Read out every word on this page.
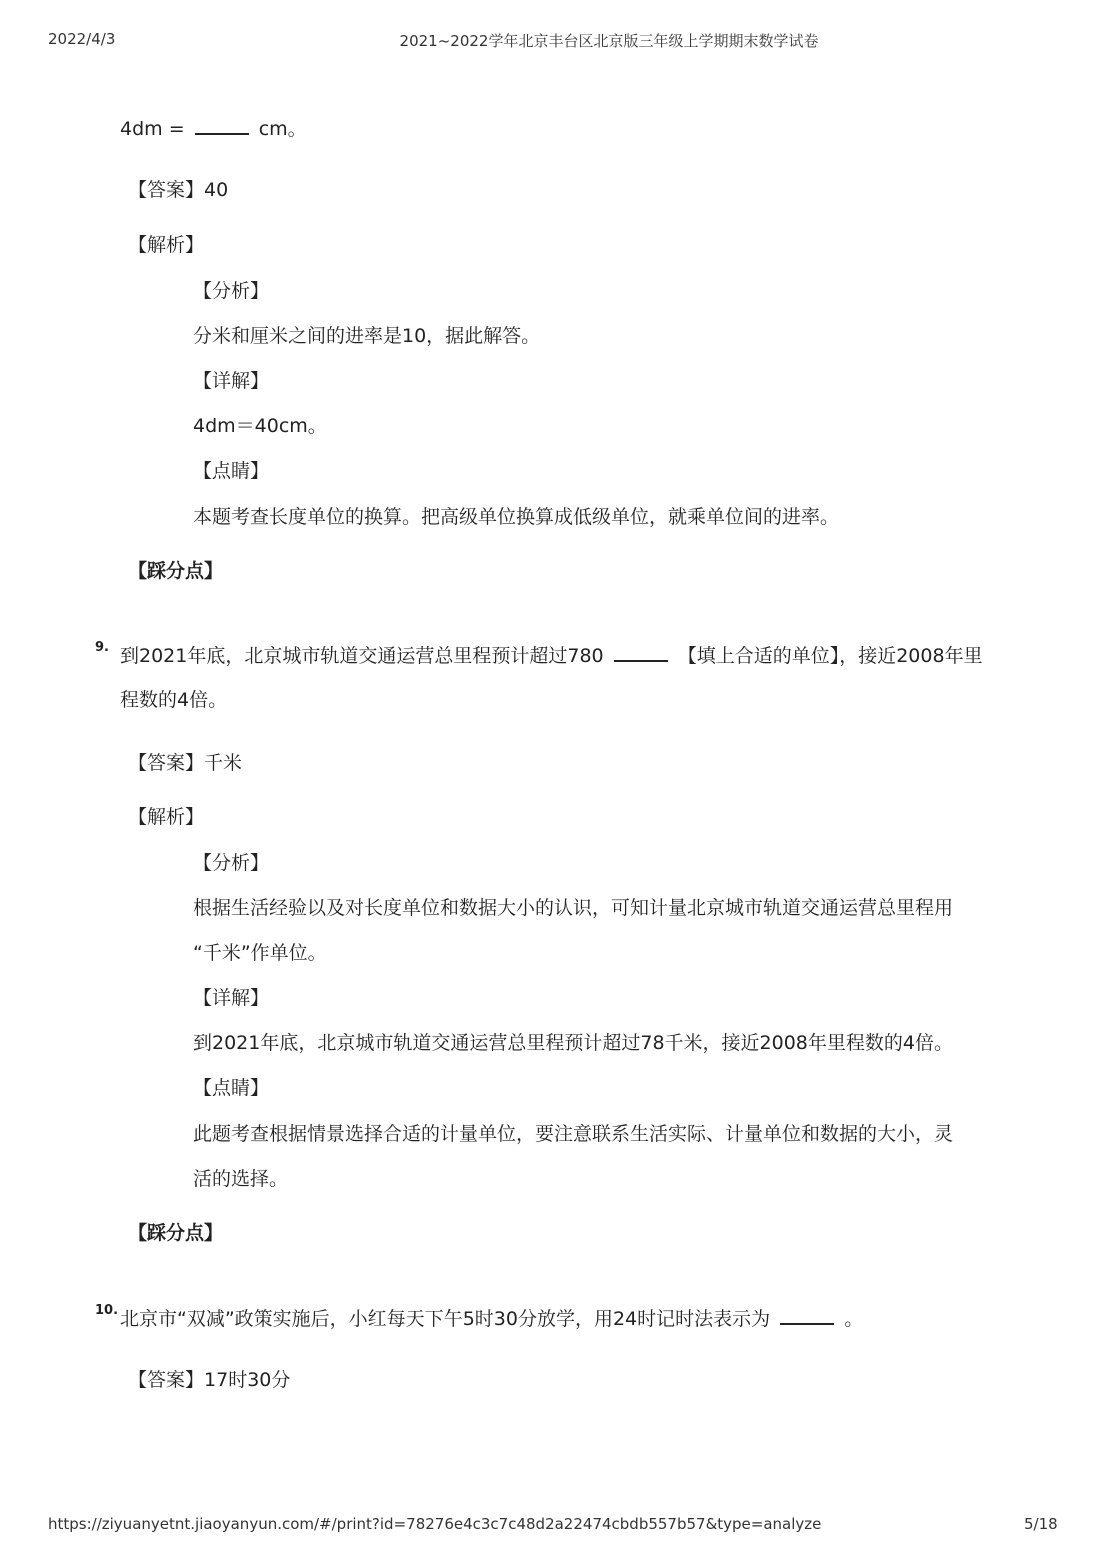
2022/4/3	2021~2022学年北京丰台区北京版三年级上学期期末数学试卷
4dm =	cm。
【答案】40
【解析】
【分析】
分米和厘米之间的进率是10，据此解答。
【详解】
4dm＝40cm。
【点睛】
本题考查长度单位的换算。把高级单位换算成低级单位，就乘单位间的进率。
【踩分点】
9. 到2021年底，北京城市轨道交通运营总里程预计超过780	【填上合适的单位】，接近2008年里
程数的4倍。
【答案】千米
【解析】
【分析】
根据生活经验以及对长度单位和数据大小的认识，可知计量北京城市轨道交通运营总里程用
“千米”作单位。
【详解】
到2021年底，北京城市轨道交通运营总里程预计超过78千米，接近2008年里程数的4倍。
【点睛】
此题考查根据情景选择合适的计量单位，要注意联系生活实际、计量单位和数据的大小，灵
活的选择。
【踩分点】
10. 北京市“双减”政策实施后，小红每天下午5时30分放学，用24时记时法表示为	。
【答案】17时30分
https://ziyuanyetnt.jiaoyanyun.com/#/print?id=78276e4c3c7c48d2a22474cbdb557b57&type=analyze	5/18
